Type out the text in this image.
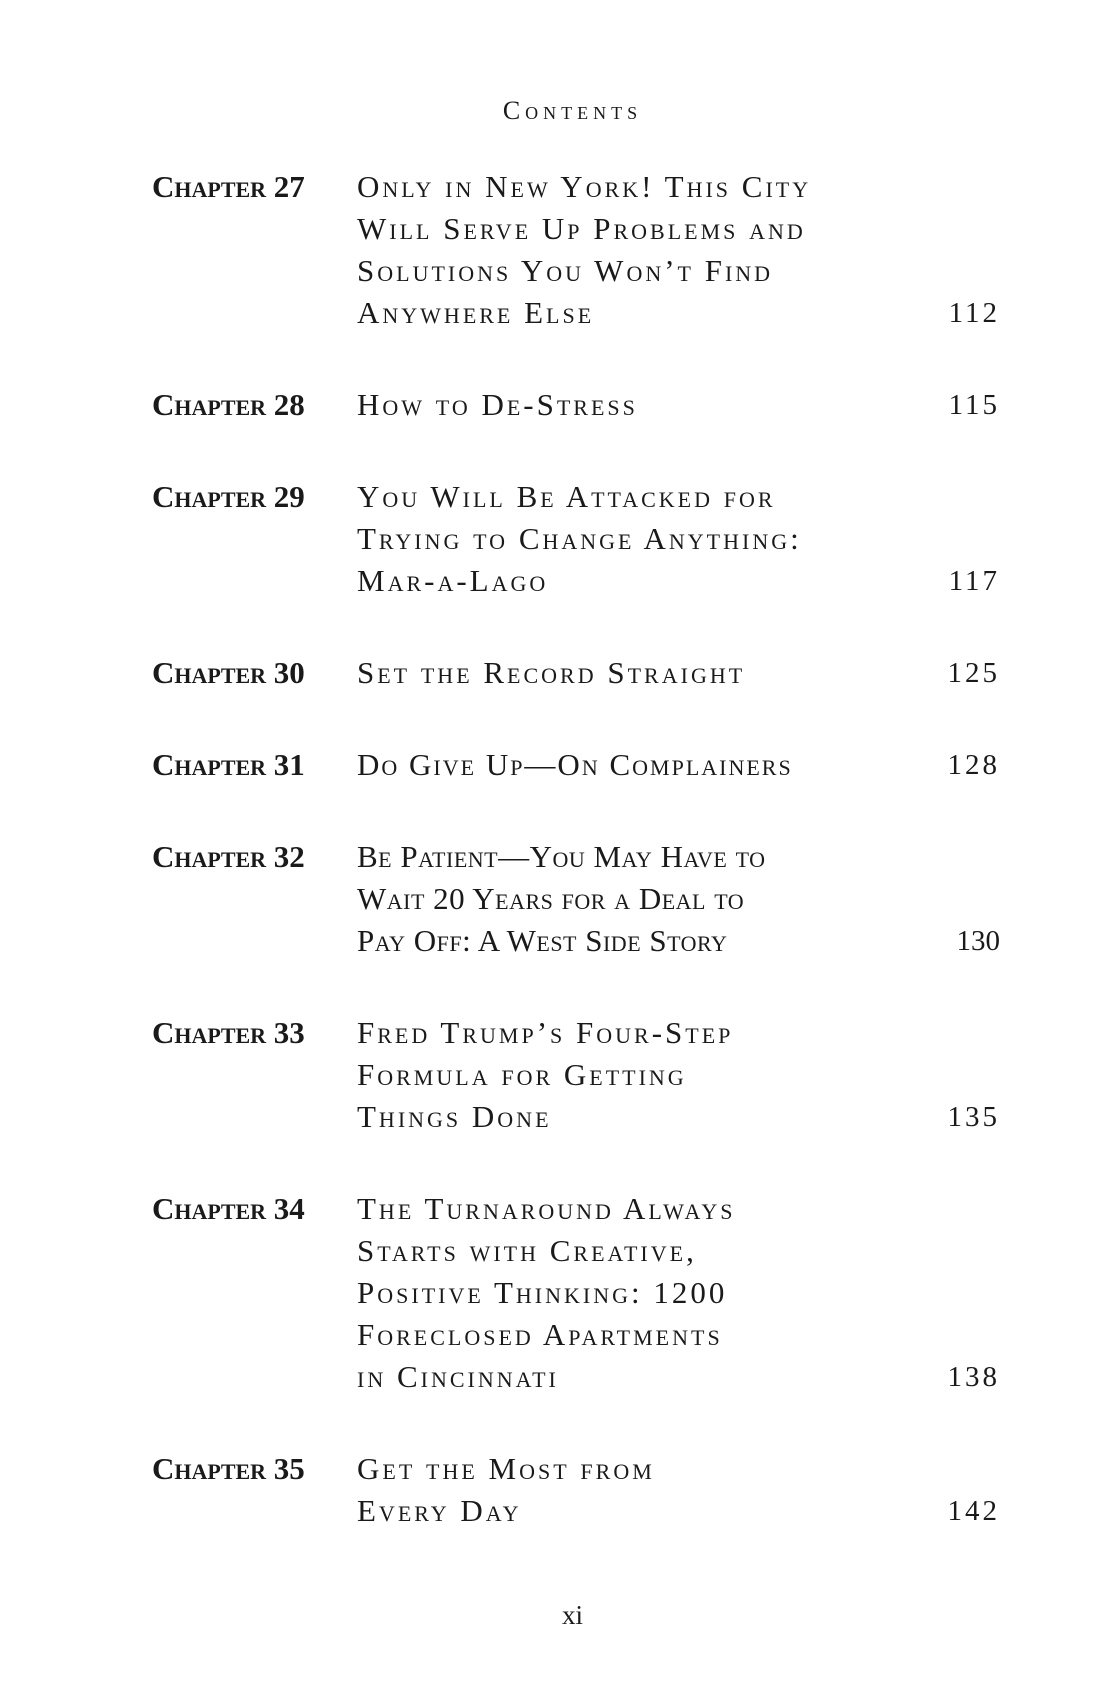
Contents
Chapter 27	Only in New York! This City
Will Serve Up Problems and
Solutions You Won’t Find
Anywhere Else	112
Chapter 28	How to De-Stress	115
Chapter 29	You Will Be Attacked for
Trying to Change Anything:
Mar-a-Lago	117
Chapter 30	Set the Record Straight	125
Chapter 31	Do Give Up—On Complainers	128
Chapter 32	Be Patient—You May Have to
Wait 20 Years for a Deal to
Pay Off: A West Side Story	130
Chapter 33	Fred Trump’s Four-Step
Formula for Getting
Things Done	135
Chapter 34	The Turnaround Always
Starts with Creative,
Positive Thinking: 1200
Foreclosed Apartments
in Cincinnati	138
Chapter 35	Get the Most from
Every Day	142
xi
